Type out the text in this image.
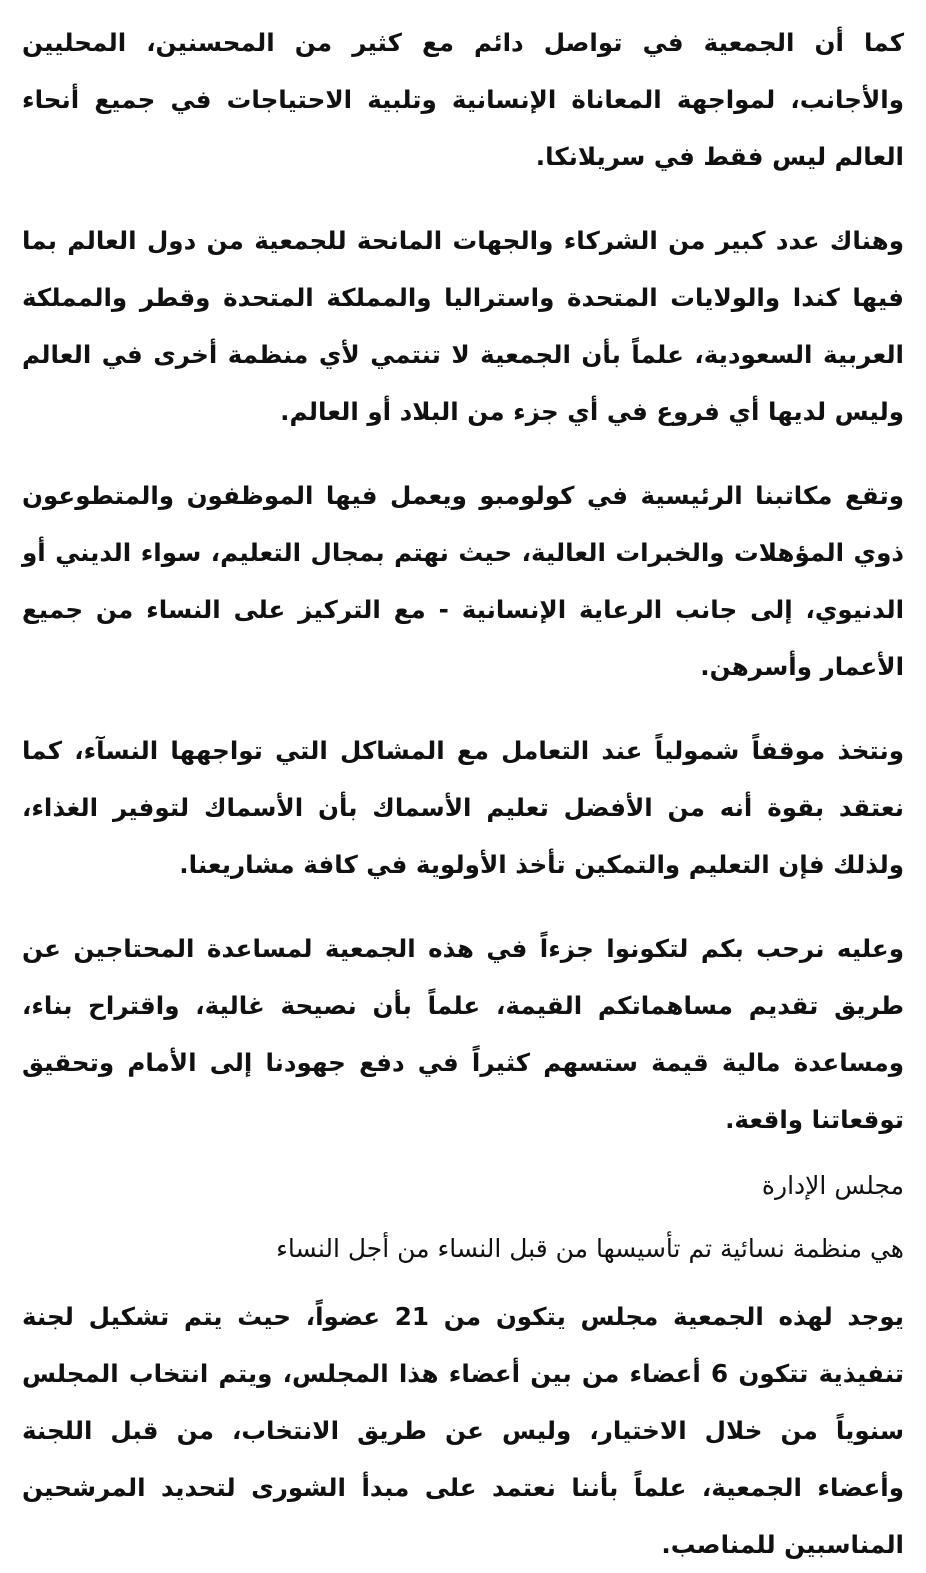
كما أن الجمعية في تواصل دائم مع كثير من المحسنين، المحليين والأجانب، لمواجهة المعاناة الإنسانية وتلبية الاحتياجات في جميع أنحاء العالم ليس فقط في سريلانكا.

وهناك عدد كبير من الشركاء والجهات المانحة للجمعية من دول العالم بما فيها كندا والولايات المتحدة واستراليا والمملكة المتحدة وقطر والمملكة العربية السعودية، علماً بأن الجمعية لا تنتمي لأي منظمة أخرى في العالم وليس لديها أي فروع في أي جزء من البلاد أو العالم.

وتقع مكاتبنا الرئيسية في كولومبو ويعمل فيها الموظفون والمتطوعون ذوي المؤهلات والخبرات العالية، حيث نهتم بمجال التعليم، سواء الديني أو الدنيوي، إلى جانب الرعاية الإنسانية - مع التركيز على النساء من جميع الأعمار وأسرهن.

ونتخذ موقفاً شمولياً عند التعامل مع المشاكل التي تواجهها النسآء، كما نعتقد بقوة أنه من الأفضل تعليم الأسماك بأن الأسماك لتوفير الغذاء، ولذلك فإن التعليم والتمكين تأخذ الأولوية في كافة مشاريعنا.

وعليه نرحب بكم لتكونوا جزءاً في هذه الجمعية لمساعدة المحتاجين عن طريق تقديم مساهماتكم القيمة، علماً بأن نصيحة غالية، واقتراح بناء، ومساعدة مالية قيمة ستسهم كثيراً في دفع جهودنا إلى الأمام وتحقيق توقعاتنا واقعة.

مجلس الإدارة
هي منظمة نسائية تم تأسيسها من قبل النساء من أجل النساء

يوجد لهذه الجمعية مجلس يتكون من 21 عضواً، حيث يتم تشكيل لجنة تنفيذية تتكون 6 أعضاء من بين أعضاء هذا المجلس، ويتم انتخاب المجلس سنوياً من خلال الاختيار، وليس عن طريق الانتخاب، من قبل اللجنة وأعضاء الجمعية، علماً بأننا نعتمد على مبدأ الشورى لتحديد المرشحين المناسبين للمناصب.
